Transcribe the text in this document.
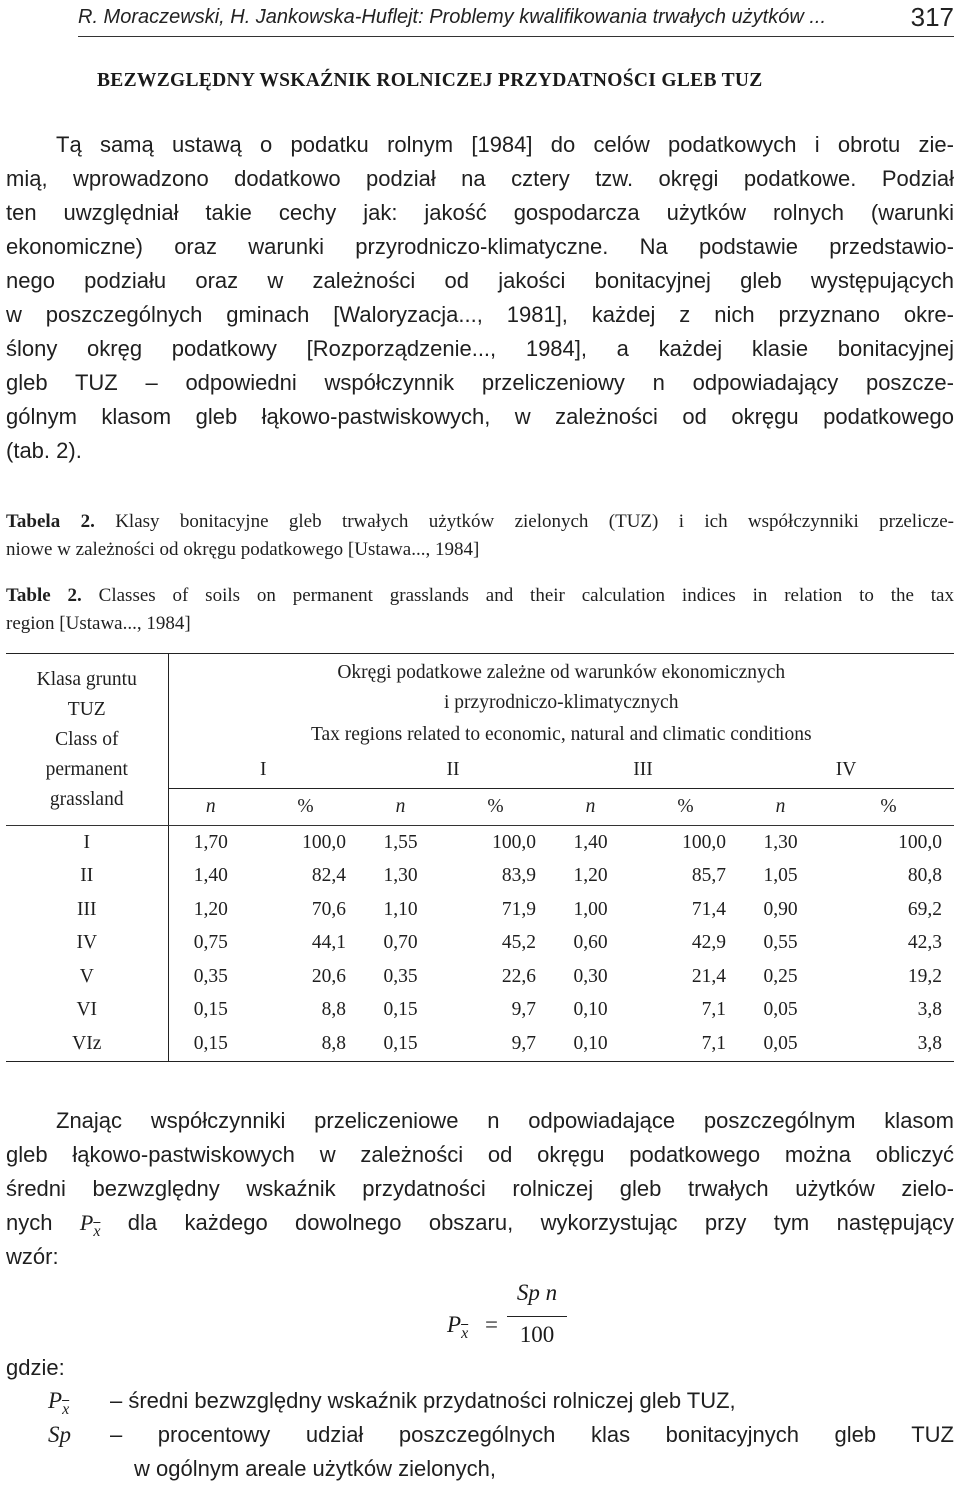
R. Moraczewski, H. Jankowska-Huflejt: Problemy kwalifikowania trwałych użytków ...	317
BEZWZGLĘDNY WSKAŹNIK ROLNICZEJ PRZYDATNOŚCI GLEB TUZ
Tą samą ustawą o podatku rolnym [1984] do celów podatkowych i obrotu zie-
mią, wprowadzono dodatkowo podział na cztery tzw. okręgi podatkowe. Podział
ten uwzględniał takie cechy jak: jakość gospodarcza użytków rolnych (warunki
ekonomiczne) oraz warunki przyrodniczo-klimatyczne. Na podstawie przedstawio-
nego podziału oraz w zależności od jakości bonitacyjnej gleb występujących
w poszczególnych gminach [Waloryzacja..., 1981], każdej z nich przyznano okre-
ślony okręg podatkowy [Rozporządzenie..., 1984], a każdej klasie bonitacyjnej
gleb TUZ – odpowiedni współczynnik przeliczeniowy n odpowiadający poszcze-
gólnym klasom gleb łąkowo-pastwiskowych, w zależności od okręgu podatkowego
(tab. 2).
Tabela 2. Klasy bonitacyjne gleb trwałych użytków zielonych (TUZ) i ich współczynniki przelicze-
niowe w zależności od okręgu podatkowego [Ustawa..., 1984]
Table 2. Classes of soils on permanent grasslands and their calculation indices in relation to the tax
region [Ustawa..., 1984]
Klasa gruntu
TUZ
Class of
permanent
grassland	Okręgi podatkowe zależne od warunków ekonomicznych							
	i przyrodniczo-klimatycznych							
	Tax regions related to economic, natural and climatic conditions							
	I		II		III		IV	
	n	%	n	%	n	%	n	%
I	1,70	100,0	1,55	100,0	1,40	100,0	1,30	100,0
II	1,40	82,4	1,30	83,9	1,20	85,7	1,05	80,8
III	1,20	70,6	1,10	71,9	1,00	71,4	0,90	69,2
IV	0,75	44,1	0,70	45,2	0,60	42,9	0,55	42,3
V	0,35	20,6	0,35	22,6	0,30	21,4	0,25	19,2
VI	0,15	8,8	0,15	9,7	0,10	7,1	0,05	3,8
VIz	0,15	8,8	0,15	9,7	0,10	7,1	0,05	3,8
Znając współczynniki przeliczeniowe n odpowiadające poszczególnym klasom
gleb łąkowo-pastwiskowych w zależności od okręgu podatkowego można obliczyć
średni bezwzględny wskaźnik przydatności rolniczej gleb trwałych użytków zielo-
nych $P_{\overline{x}}$ dla każdego dowolnego obszaru, wykorzystując przy tym następujący
wzór:
$P_{\overline{x}}$ =
Sp n
100
gdzie:
$P_{\overline{x}}$ – średni bezwzględny wskaźnik przydatności rolniczej gleb TUZ,
Sp – procentowy udział poszczególnych klas bonitacyjnych gleb TUZ
w ogólnym areale użytków zielonych,
